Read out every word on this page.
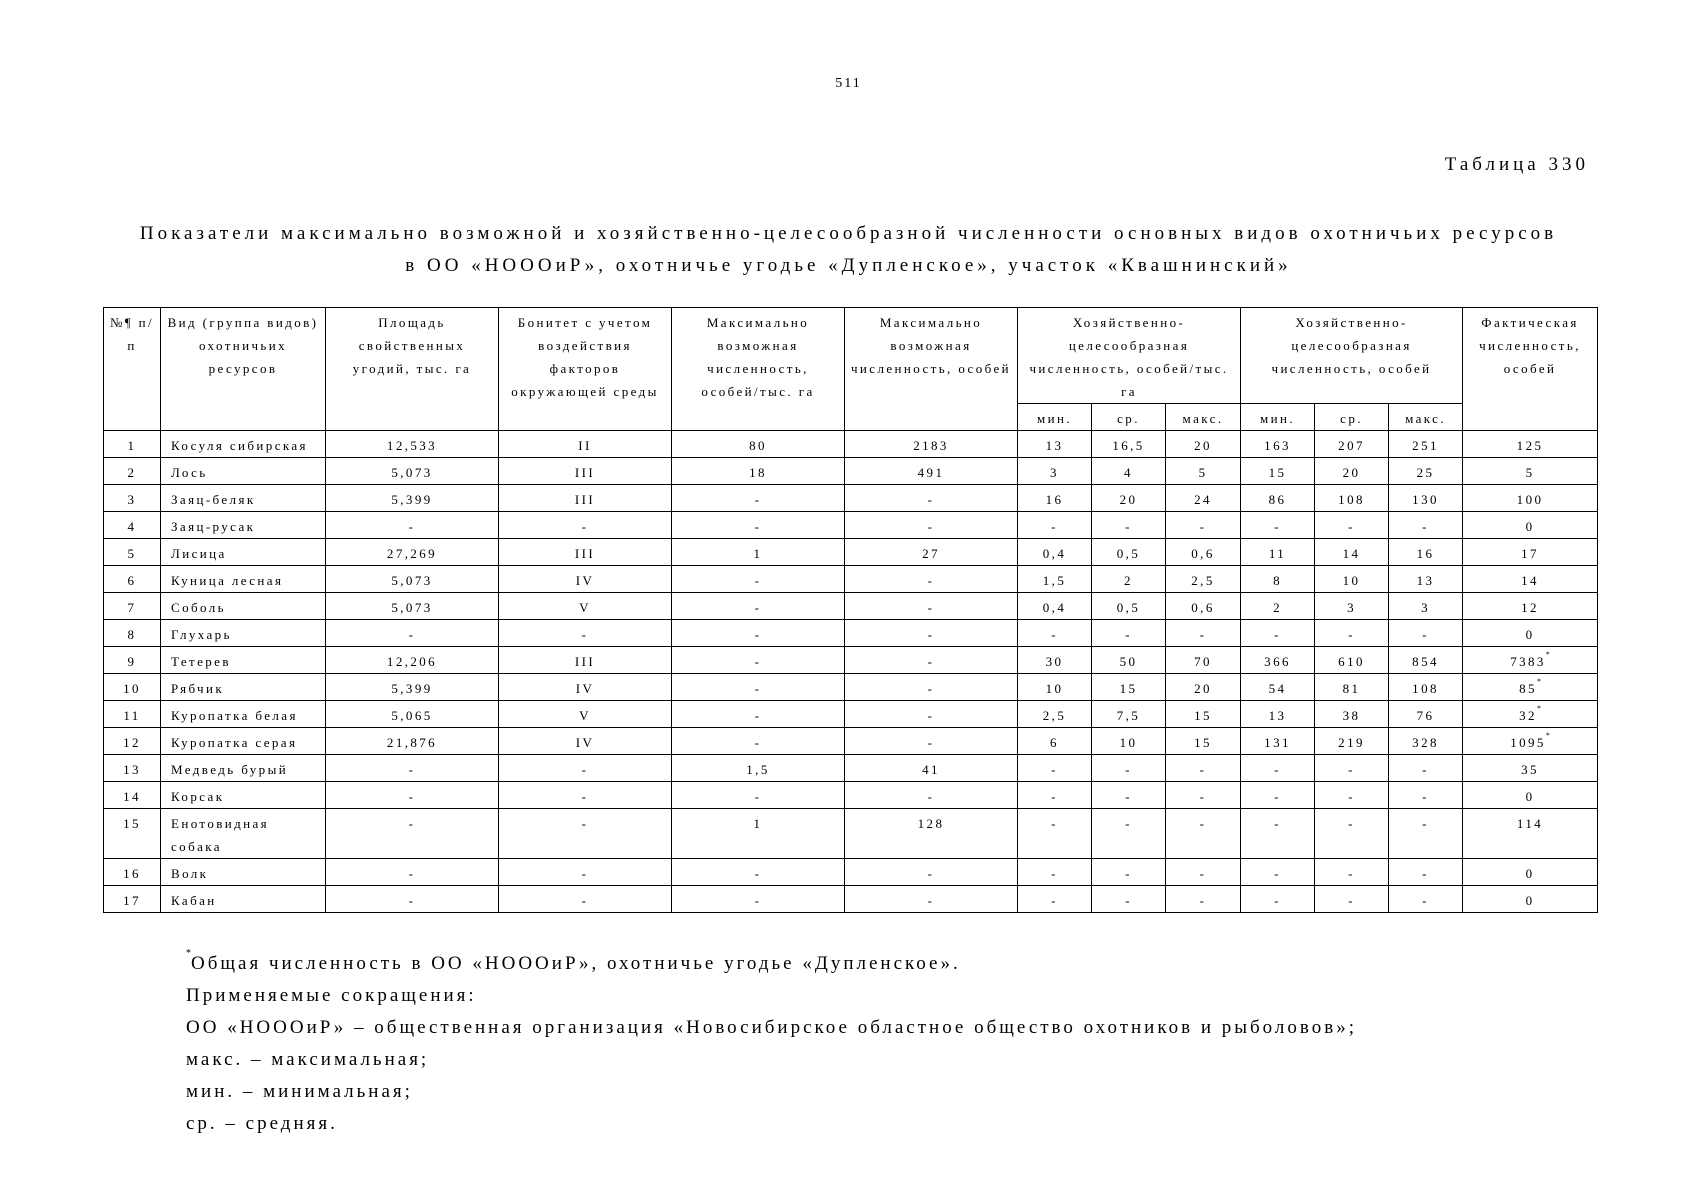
511
Таблица 330
Показатели максимально возможной и хозяйственно-целесообразной численности основных видов охотничьих ресурсов
в ОО «НОООиР», охотничье угодье «Дупленское», участок «Квашнинский»
№¶ п/п	Вид (группа видов) охотничьих ресурсов	Площадь свойственных угодий, тыс. га	Бонитет с учетом воздействия факторов окружающей среды	Максимально возможная численность, особей/тыс. га	Максимально возможная численность, особей	Хозяйственно-целесообразная численность, особей/тыс. га			Хозяйственно-целесообразная численность, особей			Фактическая численность, особей
						мин.	ср.	макс.	мин.	ср.	макс.	
1	Косуля сибирская	12,533	II	80	2183	13	16,5	20	163	207	251	125
2	Лось	5,073	III	18	491	3	4	5	15	20	25	5
3	Заяц-беляк	5,399	III	-	-	16	20	24	86	108	130	100
4	Заяц-русак	-	-	-	-	-	-	-	-	-	-	0
5	Лисица	27,269	III	1	27	0,4	0,5	0,6	11	14	16	17
6	Куница лесная	5,073	IV	-	-	1,5	2	2,5	8	10	13	14
7	Соболь	5,073	V	-	-	0,4	0,5	0,6	2	3	3	12
8	Глухарь	-	-	-	-	-	-	-	-	-	-	0
9	Тетерев	12,206	III	-	-	30	50	70	366	610	854	7383*
10	Рябчик	5,399	IV	-	-	10	15	20	54	81	108	85*
11	Куропатка белая	5,065	V	-	-	2,5	7,5	15	13	38	76	32*
12	Куропатка серая	21,876	IV	-	-	6	10	15	131	219	328	1095*
13	Медведь бурый	-	-	1,5	41	-	-	-	-	-	-	35
14	Корсак	-	-	-	-	-	-	-	-	-	-	0
15	Енотовидная собака	-	-	1	128	-	-	-	-	-	-	114
16	Волк	-	-	-	-	-	-	-	-	-	-	0
17	Кабан	-	-	-	-	-	-	-	-	-	-	0
*Общая численность в ОО «НОООиР», охотничье угодье «Дупленское».
Применяемые сокращения:
ОО «НОООиР» – общественная организация «Новосибирское областное общество охотников и рыболовов»;
макс. – максимальная;
мин. – минимальная;
ср. – средняя.
